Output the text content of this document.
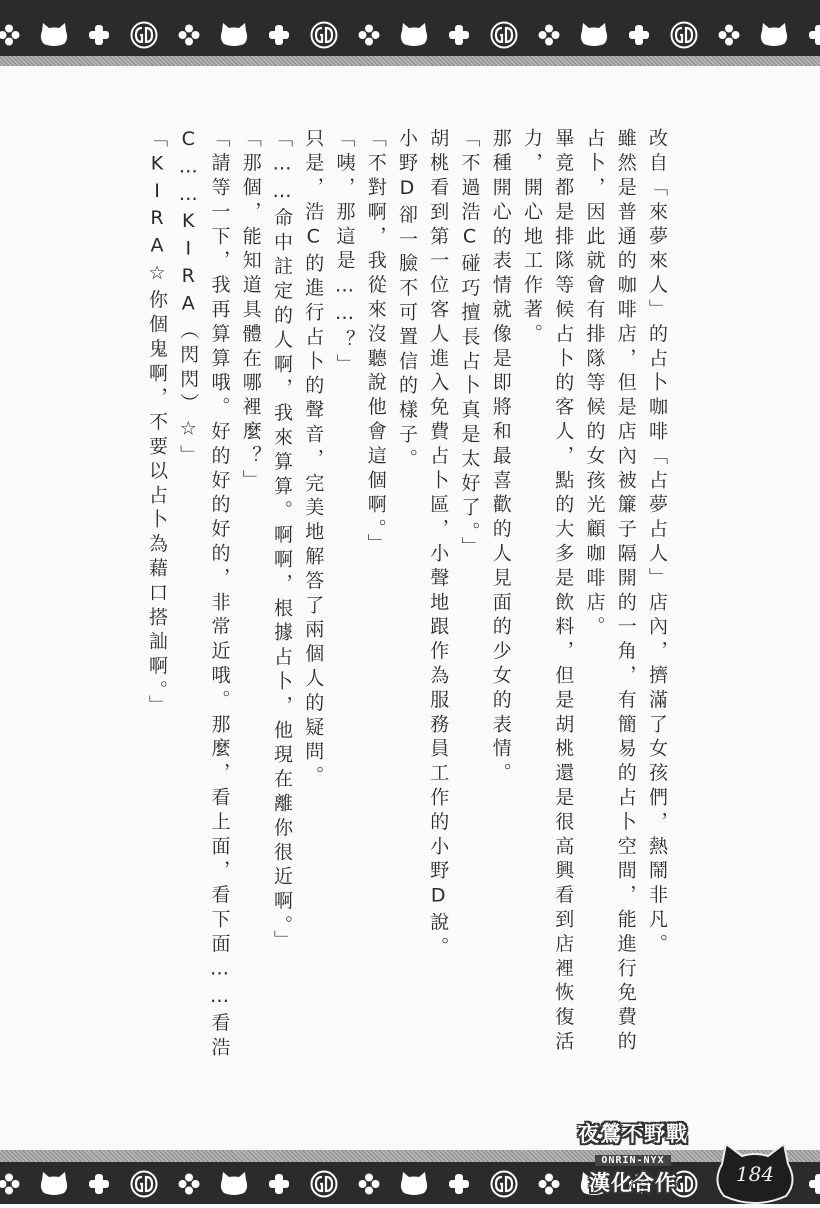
改自「來夢來人」的占卜咖啡「占夢占人」店內，擠滿了女孩們，熱鬧非凡。
雖然是普通的咖啡店，但是店內被簾子隔開的一角，有簡易的占卜空間，能進行免費的
占卜，因此就會有排隊等候的女孩光顧咖啡店。
畢竟都是排隊等候占卜的客人，點的大多是飲料，但是胡桃還是很高興看到店裡恢復活
力，開心地工作著。
那種開心的表情就像是即將和最喜歡的人見面的少女的表情。
「不過浩C碰巧擅長占卜真是太好了。」
胡桃看到第一位客人進入免費占卜區，小聲地跟作為服務員工作的小野D說。
小野D卻一臉不可置信的樣子。
「不對啊，我從來沒聽說他會這個啊。」
「咦，那這是……？」
只是，浩C的進行占卜的聲音，完美地解答了兩個人的疑問。
「……命中註定的人啊，我來算算。啊啊，根據占卜，他現在離你很近啊。」
「那個，能知道具體在哪裡麼？」
「請等一下，我再算算哦。好的好的好的，非常近哦。那麼，看上面，看下面……看浩
C……KIRA（閃閃）☆」
「KIRA☆你個鬼啊，不要以占卜為藉口搭訕啊。」
夜鶯不野戰
ONRIN-NYX
漢化合作	184
